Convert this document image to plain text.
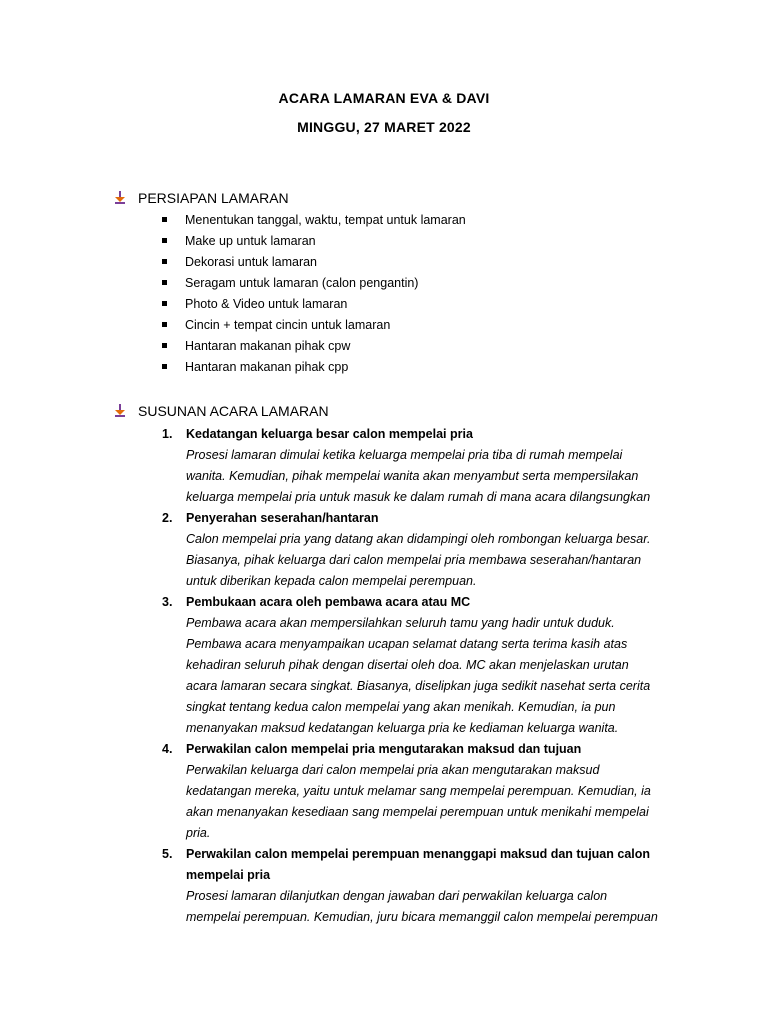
ACARA LAMARAN EVA & DAVI
MINGGU, 27 MARET 2022
PERSIAPAN LAMARAN
Menentukan tanggal, waktu, tempat untuk lamaran
Make up untuk lamaran
Dekorasi untuk lamaran
Seragam untuk lamaran (calon pengantin)
Photo & Video untuk lamaran
Cincin + tempat cincin untuk lamaran
Hantaran makanan pihak cpw
Hantaran makanan pihak cpp
SUSUNAN ACARA LAMARAN
1.	Kedatangan keluarga besar calon mempelai pria
Prosesi lamaran dimulai ketika keluarga mempelai pria tiba di rumah mempelai
wanita. Kemudian, pihak mempelai wanita akan menyambut serta mempersilakan
keluarga mempelai pria untuk masuk ke dalam rumah di mana acara dilangsungkan
2.	Penyerahan seserahan/hantaran
Calon mempelai pria yang datang akan didampingi oleh rombongan keluarga besar.
Biasanya, pihak keluarga dari calon mempelai pria membawa seserahan/hantaran
untuk diberikan kepada calon mempelai perempuan.
3.	Pembukaan acara oleh pembawa acara atau MC
Pembawa acara akan mempersilahkan seluruh tamu yang hadir untuk duduk.
Pembawa acara menyampaikan ucapan selamat datang serta terima kasih atas
kehadiran seluruh pihak dengan disertai oleh doa. MC akan menjelaskan urutan
acara lamaran secara singkat. Biasanya, diselipkan juga sedikit nasehat serta cerita
singkat tentang kedua calon mempelai yang akan menikah. Kemudian, ia pun
menanyakan maksud kedatangan keluarga pria ke kediaman keluarga wanita.
4.	Perwakilan calon mempelai pria mengutarakan maksud dan tujuan
Perwakilan keluarga dari calon mempelai pria akan mengutarakan maksud
kedatangan mereka, yaitu untuk melamar sang mempelai perempuan. Kemudian, ia
akan menanyakan kesediaan sang mempelai perempuan untuk menikahi mempelai
pria.
5.	Perwakilan calon mempelai perempuan menanggapi maksud dan tujuan calon
mempelai pria
Prosesi lamaran dilanjutkan dengan jawaban dari perwakilan keluarga calon
mempelai perempuan. Kemudian, juru bicara memanggil calon mempelai perempuan
